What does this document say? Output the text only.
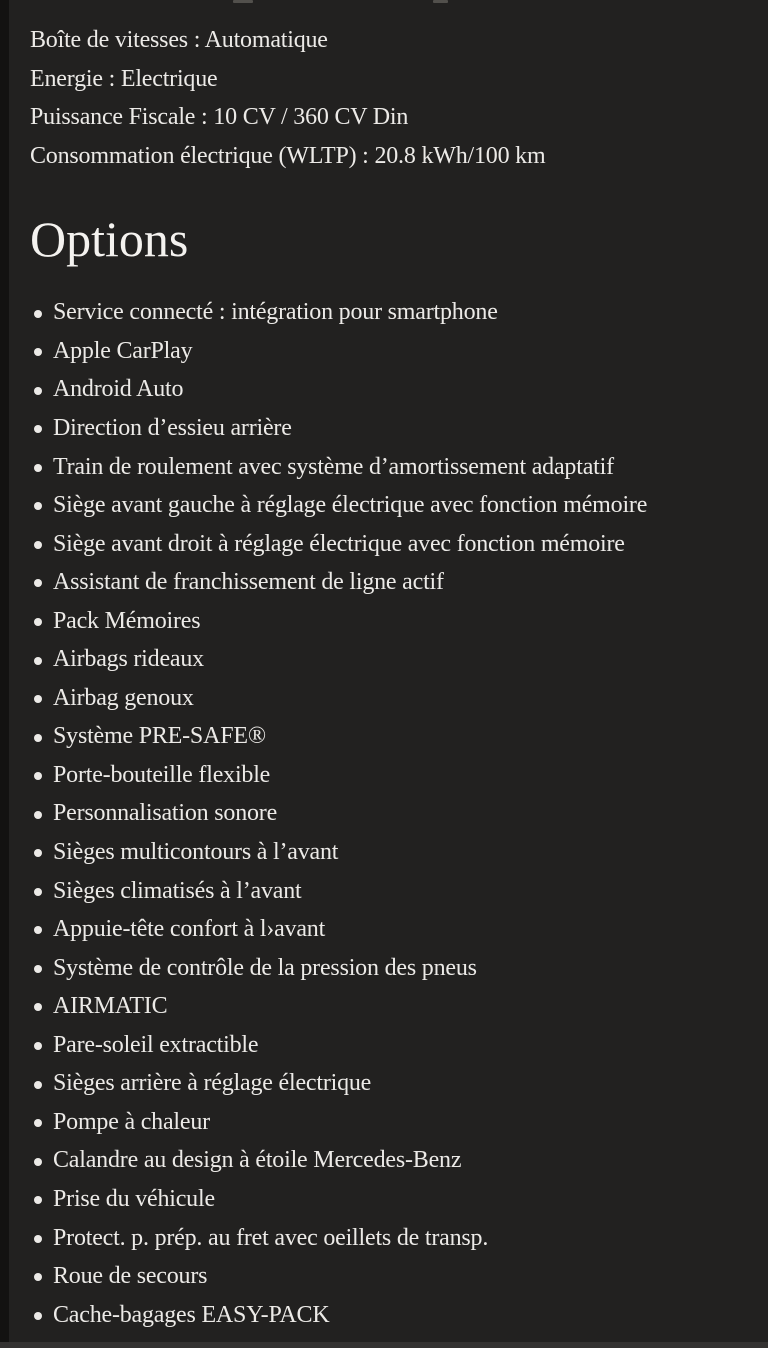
Boîte de vitesses : Automatique
Energie : Electrique
Puissance Fiscale : 10 CV / 360 CV Din
Consommation électrique (WLTP) : 20.8 kWh/100 km
Options
Service connecté : intégration pour smartphone
Apple CarPlay
Android Auto
Direction d’essieu arrière
Train de roulement avec système d’amortissement adaptatif
Siège avant gauche à réglage électrique avec fonction mémoire
Siège avant droit à réglage électrique avec fonction mémoire
Assistant de franchissement de ligne actif
Pack Mémoires
Airbags rideaux
Airbag genoux
Système PRE-SAFE®
Porte-bouteille flexible
Personnalisation sonore
Sièges multicontours à l’avant
Sièges climatisés à l’avant
Appuie-tête confort à l›avant
Système de contrôle de la pression des pneus
AIRMATIC
Pare-soleil extractible
Sièges arrière à réglage électrique
Pompe à chaleur
Calandre au design à étoile Mercedes-Benz
Prise du véhicule
Protect. p. prép. au fret avec oeillets de transp.
Roue de secours
Cache-bagages EASY-PACK
